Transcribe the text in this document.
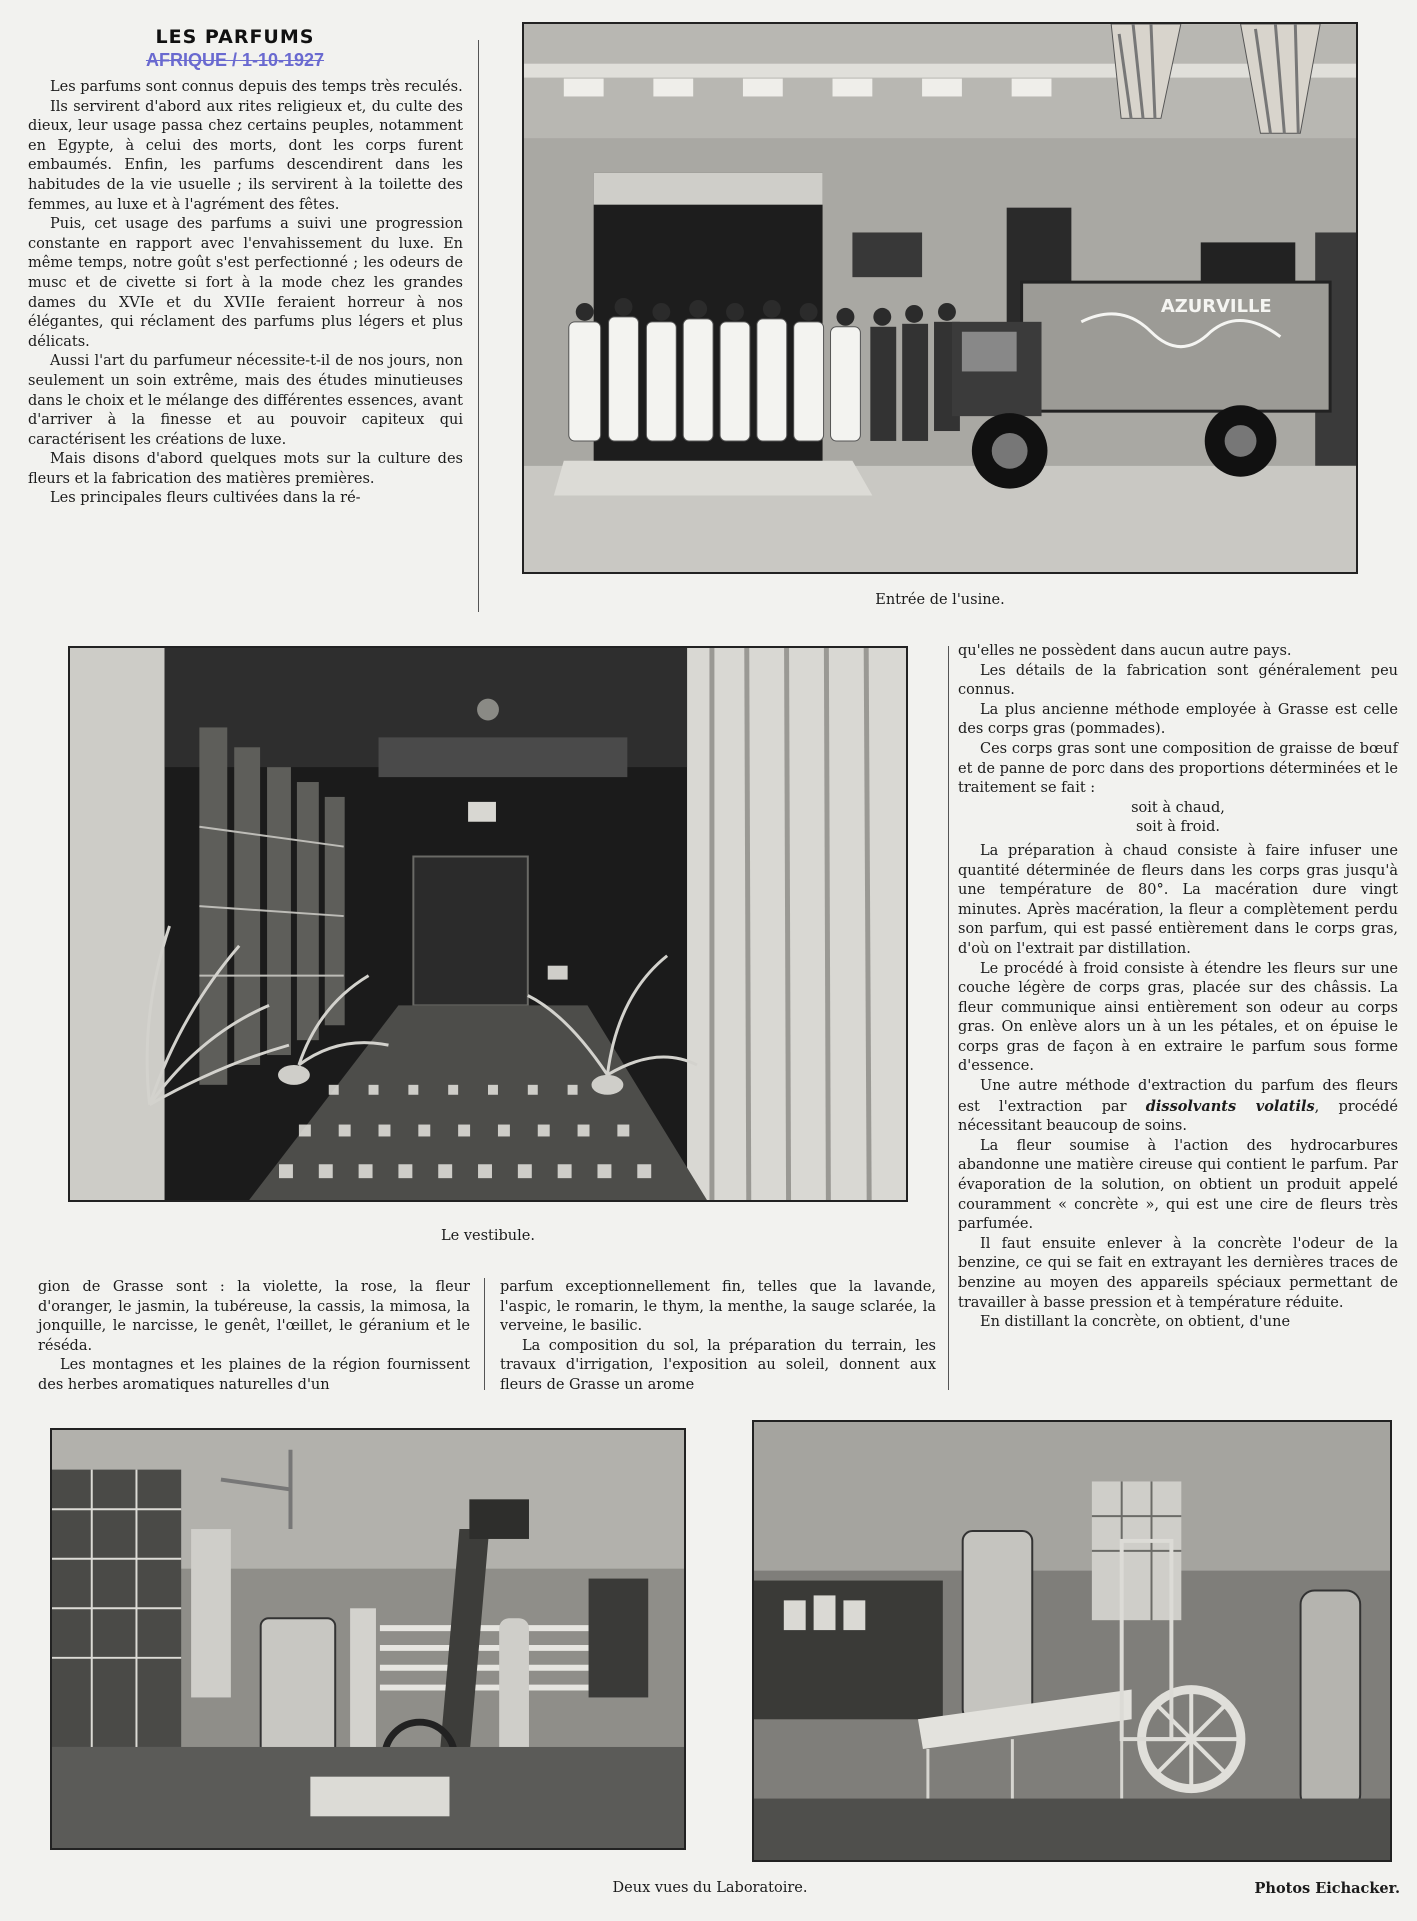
LES PARFUMS
AFRIQUE / 1-10-1927

Les parfums sont connus depuis des temps très reculés.

Ils servirent d'abord aux rites religieux et, du culte des dieux, leur usage passa chez certains peuples, notamment en Egypte, à celui des morts, dont les corps furent embaumés. Enfin, les parfums descendirent dans les habitudes de la vie usuelle ; ils servirent à la toilette des femmes, au luxe et à l'agrément des fêtes.

Puis, cet usage des parfums a suivi une progression constante en rapport avec l'envahissement du luxe. En même temps, notre goût s'est perfectionné ; les odeurs de musc et de civette si fort à la mode chez les grandes dames du XVIe et du XVIIe feraient horreur à nos élégantes, qui réclament des parfums plus légers et plus délicats.

Aussi l'art du parfumeur nécessite-t-il de nos jours, non seulement un soin extrême, mais des études minutieuses dans le choix et le mélange des différentes essences, avant d'arriver à la finesse et au pouvoir capiteux qui caractérisent les créations de luxe.

Mais disons d'abord quelques mots sur la culture des fleurs et la fabrication des matières premières.

Les principales fleurs cultivées dans la ré-

AZURVILLE
Entrée de l'usine.
Le vestibule.

qu'elles ne possèdent dans aucun autre pays.

Les détails de la fabrication sont généralement peu connus.

La plus ancienne méthode employée à Grasse est celle des corps gras (pommades).

Ces corps gras sont une composition de graisse de bœuf et de panne de porc dans des proportions déterminées et le traitement se fait :

soit à chaud,

soit à froid.

La préparation à chaud consiste à faire infuser une quantité déterminée de fleurs dans les corps gras jusqu'à une température de 80°. La macération dure vingt minutes. Après macération, la fleur a complètement perdu son parfum, qui est passé entièrement dans le corps gras, d'où on l'extrait par distillation.

Le procédé à froid consiste à étendre les fleurs sur une couche légère de corps gras, placée sur des châssis. La fleur communique ainsi entièrement son odeur au corps gras. On enlève alors un à un les pétales, et on épuise le corps gras de façon à en extraire le parfum sous forme d'essence.

Une autre méthode d'extraction du parfum des fleurs est l'extraction par dissolvants volatils, procédé nécessitant beaucoup de soins.

La fleur soumise à l'action des hydrocarbures abandonne une matière cireuse qui contient le parfum. Par évaporation de la solution, on obtient un produit appelé couramment « concrète », qui est une cire de fleurs très parfumée.

Il faut ensuite enlever à la concrète l'odeur de la benzine, ce qui se fait en extrayant les dernières traces de benzine au moyen des appareils spéciaux permettant de travailler à basse pression et à température réduite.

En distillant la concrète, on obtient, d'une

gion de Grasse sont : la violette, la rose, la fleur d'oranger, le jasmin, la tubéreuse, la cassis, la mimosa, la jonquille, le narcisse, le genêt, l'œillet, le géranium et le réséda.

Les montagnes et les plaines de la région fournissent des herbes aromatiques naturelles d'un

parfum exceptionnellement fin, telles que la lavande, l'aspic, le romarin, le thym, la menthe, la sauge sclarée, la verveine, le basilic.

La composition du sol, la préparation du terrain, les travaux d'irrigation, l'exposition au soleil, donnent aux fleurs de Grasse un arome

Deux vues du Laboratoire.	Photos Eichacker.
